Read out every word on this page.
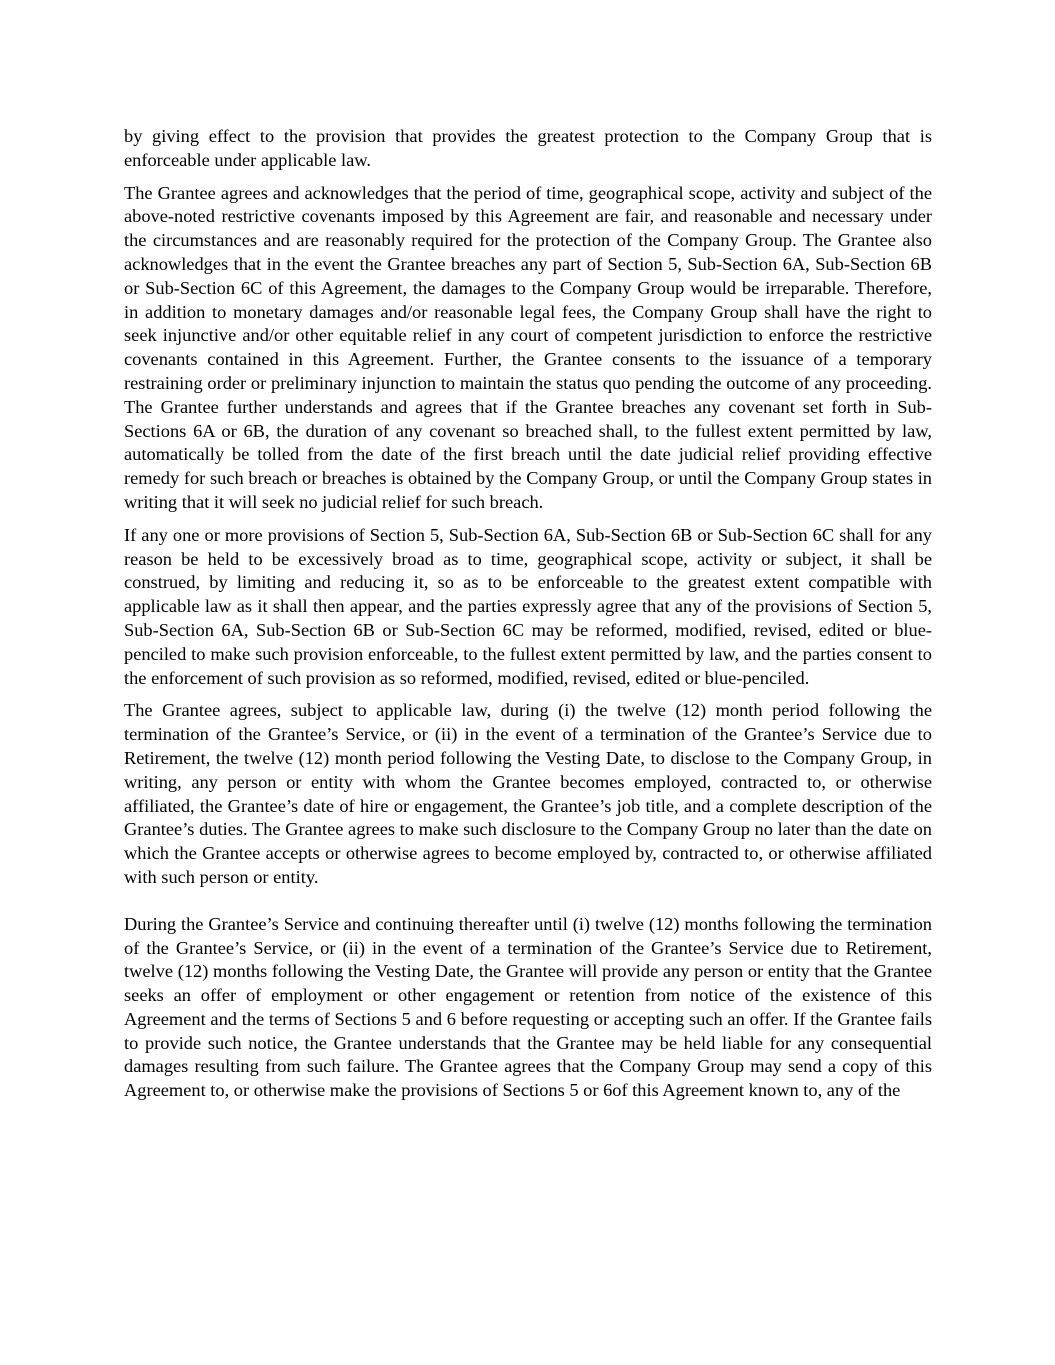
by giving effect to the provision that provides the greatest protection to the Company Group that is enforceable under applicable law.

The Grantee agrees and acknowledges that the period of time, geographical scope, activity and subject of the above-noted restrictive covenants imposed by this Agreement are fair, and reasonable and necessary under the circumstances and are reasonably required for the protection of the Company Group. The Grantee also acknowledges that in the event the Grantee breaches any part of Section 5, Sub-Section 6A, Sub-Section 6B or Sub-Section 6C of this Agreement, the damages to the Company Group would be irreparable. Therefore, in addition to monetary damages and/or reasonable legal fees, the Company Group shall have the right to seek injunctive and/or other equitable relief in any court of competent jurisdiction to enforce the restrictive covenants contained in this Agreement. Further, the Grantee consents to the issuance of a temporary restraining order or preliminary injunction to maintain the status quo pending the outcome of any proceeding. The Grantee further understands and agrees that if the Grantee breaches any covenant set forth in Sub-Sections 6A or 6B, the duration of any covenant so breached shall, to the fullest extent permitted by law, automatically be tolled from the date of the first breach until the date judicial relief providing effective remedy for such breach or breaches is obtained by the Company Group, or until the Company Group states in writing that it will seek no judicial relief for such breach.

If any one or more provisions of Section 5, Sub-Section 6A, Sub-Section 6B or Sub-Section 6C shall for any reason be held to be excessively broad as to time, geographical scope, activity or subject, it shall be construed, by limiting and reducing it, so as to be enforceable to the greatest extent compatible with applicable law as it shall then appear, and the parties expressly agree that any of the provisions of Section 5, Sub-Section 6A, Sub-Section 6B or Sub-Section 6C may be reformed, modified, revised, edited or blue-penciled to make such provision enforceable, to the fullest extent permitted by law, and the parties consent to the enforcement of such provision as so reformed, modified, revised, edited or blue-penciled.

The Grantee agrees, subject to applicable law, during (i) the twelve (12) month period following the termination of the Grantee’s Service, or (ii) in the event of a termination of the Grantee’s Service due to Retirement, the twelve (12) month period following the Vesting Date, to disclose to the Company Group, in writing, any person or entity with whom the Grantee becomes employed, contracted to, or otherwise affiliated, the Grantee’s date of hire or engagement, the Grantee’s job title, and a complete description of the Grantee’s duties. The Grantee agrees to make such disclosure to the Company Group no later than the date on which the Grantee accepts or otherwise agrees to become employed by, contracted to, or otherwise affiliated with such person or entity.

During the Grantee’s Service and continuing thereafter until (i) twelve (12) months following the termination of the Grantee’s Service, or (ii) in the event of a termination of the Grantee’s Service due to Retirement, twelve (12) months following the Vesting Date, the Grantee will provide any person or entity that the Grantee seeks an offer of employment or other engagement or retention from notice of the existence of this Agreement and the terms of Sections 5 and 6 before requesting or accepting such an offer. If the Grantee fails to provide such notice, the Grantee understands that the Grantee may be held liable for any consequential damages resulting from such failure. The Grantee agrees that the Company Group may send a copy of this Agreement to, or otherwise make the provisions of Sections 5 or 6of this Agreement known to, any of the
